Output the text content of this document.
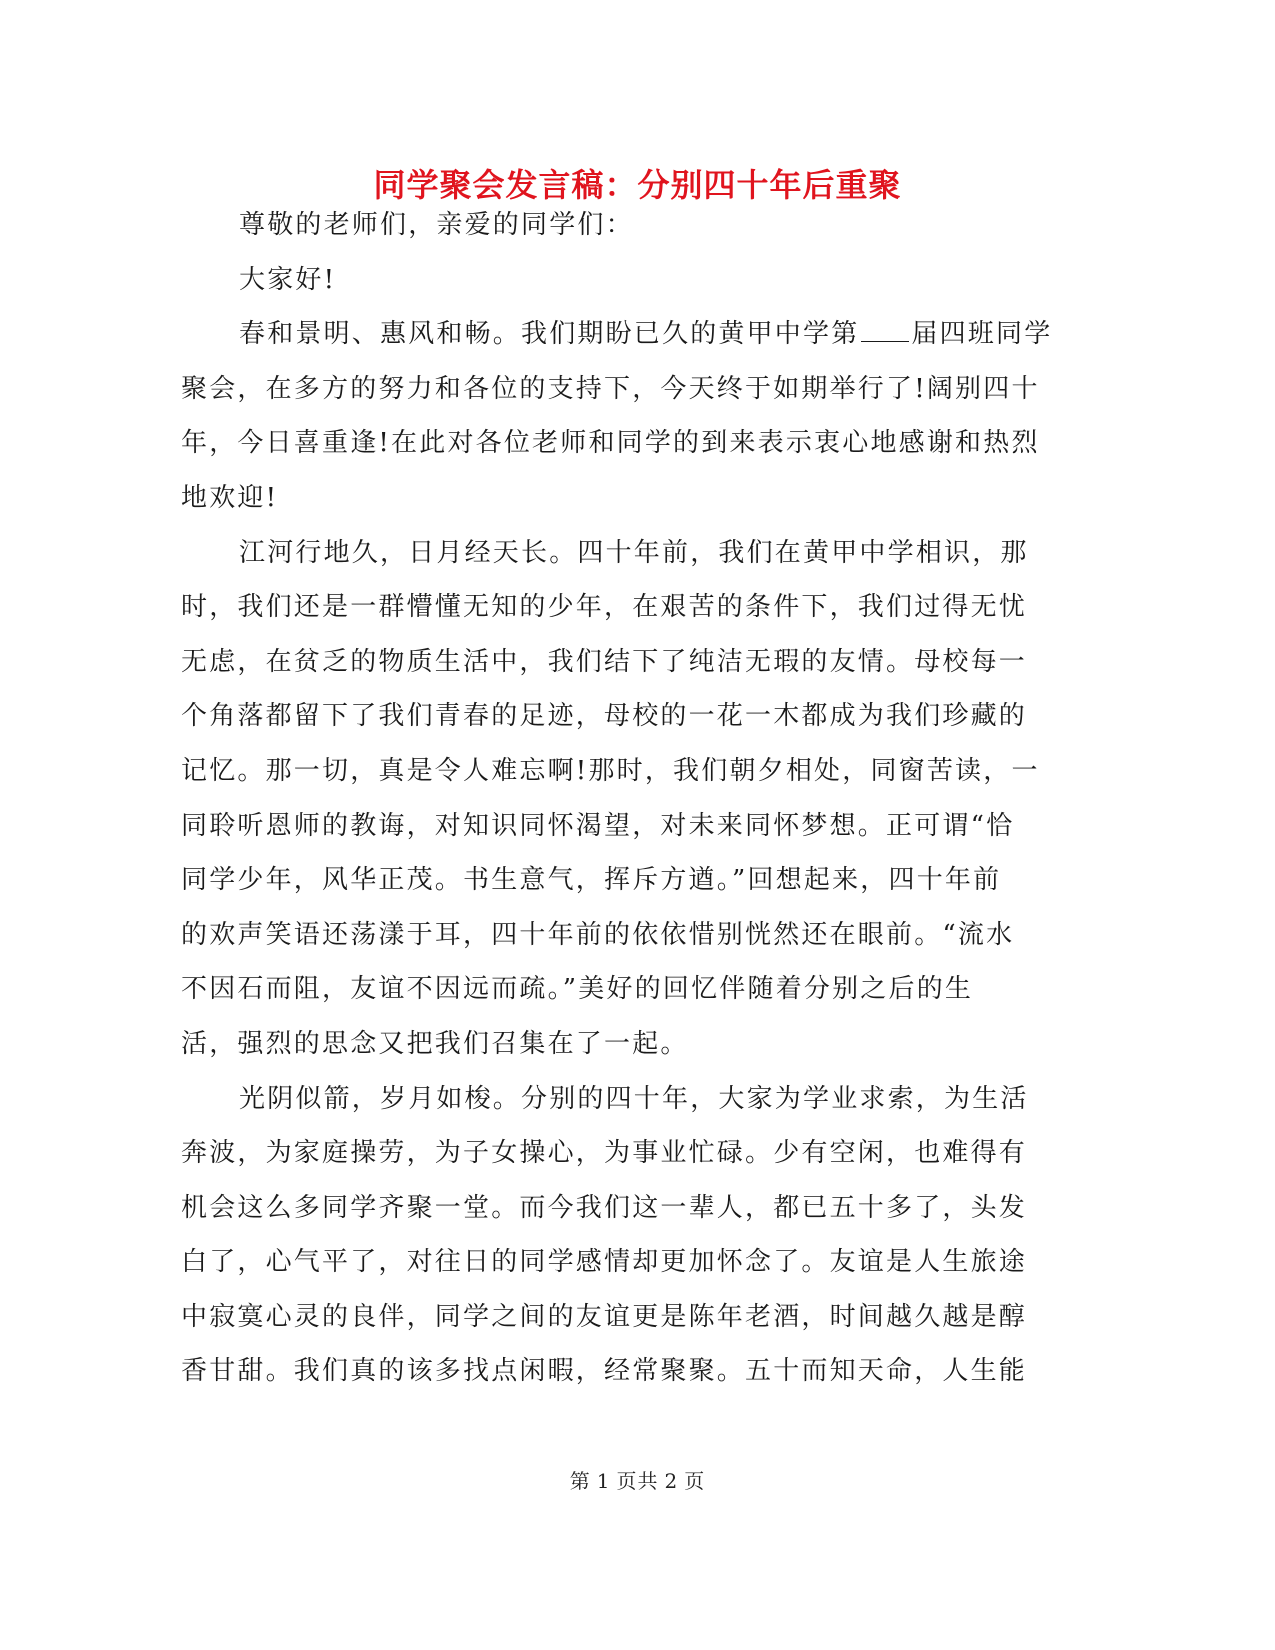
同学聚会发言稿：分别四十年后重聚
尊敬的老师们，亲爱的同学们：
大家好!
春和景明、惠风和畅。我们期盼已久的黄甲中学第 届四班同学
聚会，在多方的努力和各位的支持下，今天终于如期举行了!阔别四十
年，今日喜重逢!在此对各位老师和同学的到来表示衷心地感谢和热烈
地欢迎!
江河行地久，日月经天长。四十年前，我们在黄甲中学相识，那
时，我们还是一群懵懂无知的少年，在艰苦的条件下，我们过得无忧
无虑，在贫乏的物质生活中，我们结下了纯洁无瑕的友情。母校每一
个角落都留下了我们青春的足迹，母校的一花一木都成为我们珍藏的
记忆。那一切，真是令人难忘啊!那时，我们朝夕相处，同窗苦读，一
同聆听恩师的教诲，对知识同怀渴望，对未来同怀梦想。正可谓“恰
同学少年，风华正茂。书生意气，挥斥方遒。”回想起来，四十年前
的欢声笑语还荡漾于耳，四十年前的依依惜别恍然还在眼前。“流水
不因石而阻，友谊不因远而疏。”美好的回忆伴随着分别之后的生
活，强烈的思念又把我们召集在了一起。
光阴似箭，岁月如梭。分别的四十年，大家为学业求索，为生活
奔波，为家庭操劳，为子女操心，为事业忙碌。少有空闲，也难得有
机会这么多同学齐聚一堂。而今我们这一辈人，都已五十多了，头发
白了，心气平了，对往日的同学感情却更加怀念了。友谊是人生旅途
中寂寞心灵的良伴，同学之间的友谊更是陈年老酒，时间越久越是醇
香甘甜。我们真的该多找点闲暇，经常聚聚。五十而知天命，人生能
第 1 页共 2 页
